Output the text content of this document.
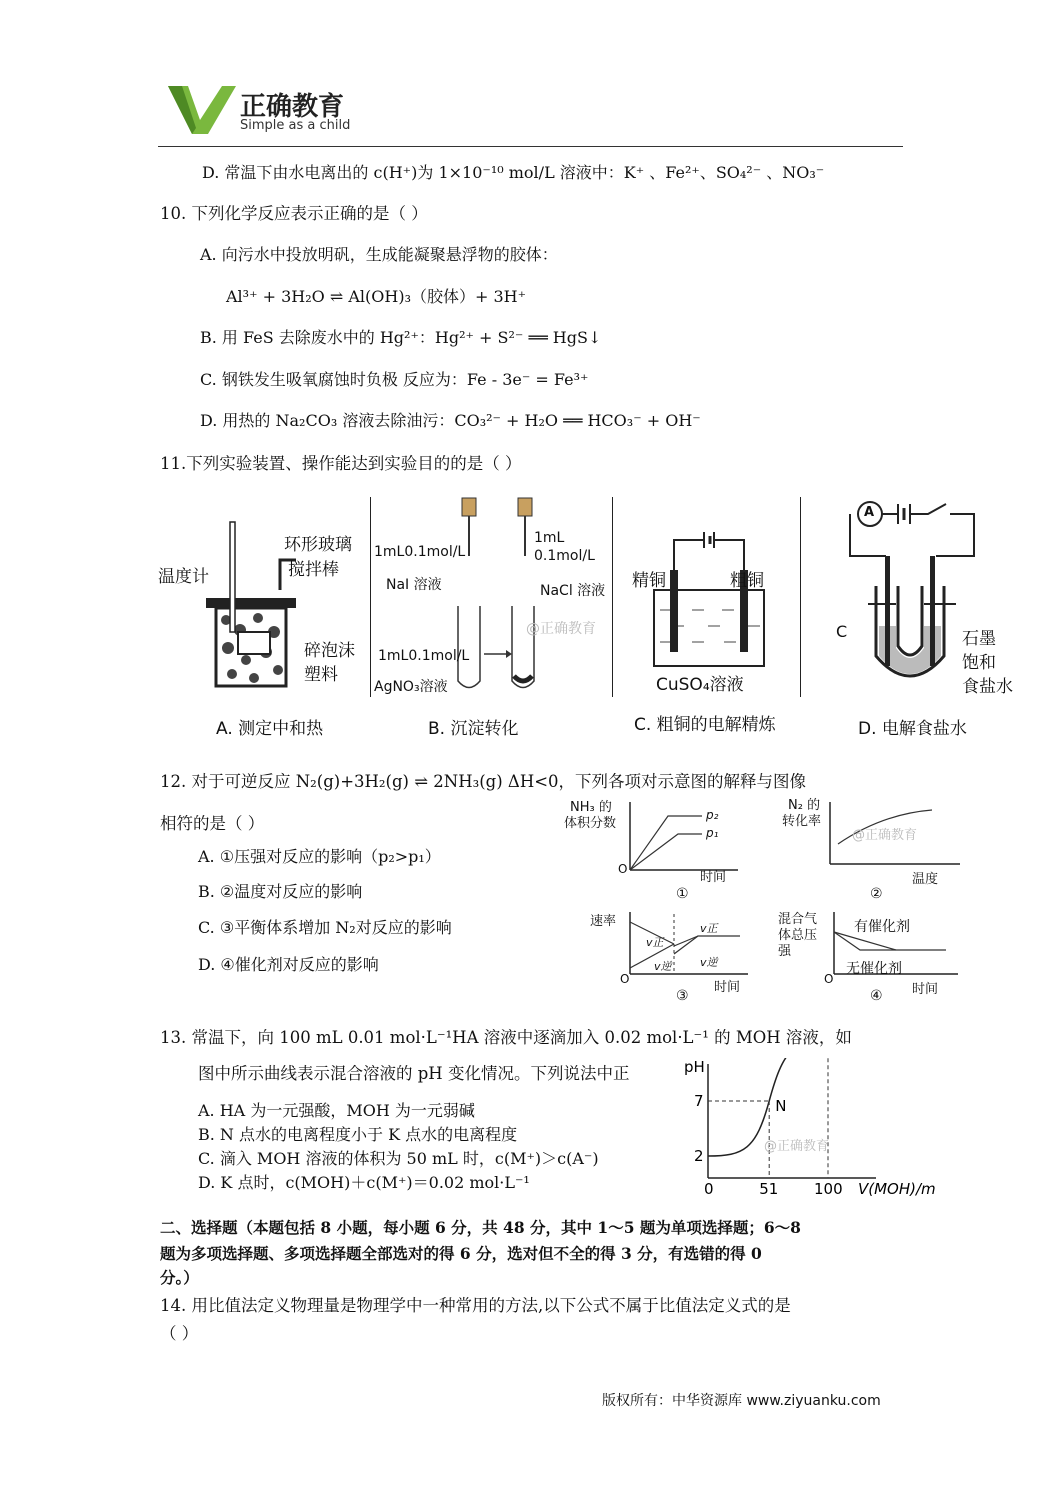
正确教育
Simple as a child
D. 常温下由水电离出的 c(H⁺)为 1×10⁻¹⁰ mol/L 溶液中：K⁺ 、Fe²⁺、SO₄²⁻ 、NO₃⁻
10. 下列化学反应表示正确的是（ ）
A. 向污水中投放明矾，生成能凝聚悬浮物的胶体：
Al³⁺ + 3H₂O ⇌ Al(OH)₃（胶体）+ 3H⁺
B. 用 FeS 去除废水中的 Hg²⁺：Hg²⁺ + S²⁻ ══ HgS↓
C. 钢铁发生吸氧腐蚀时负极 反应为：Fe - 3e⁻ = Fe³⁺
D. 用热的 Na₂CO₃ 溶液去除油污：CO₃²⁻ + H₂O ══ HCO₃⁻ + OH⁻
11.下列实验装置、操作能达到实验目的的是（ ）
环形玻璃
搅拌棒
温度计
碎泡沫
塑料
A. 测定中和热
1mL0.1mol/L
NaI 溶液
1mL
0.1mol/L
NaCl 溶液
1mL0.1mol/L
AgNO₃溶液
@正确教育
B. 沉淀转化
精铜	粗铜
CuSO₄溶液
C. 粗铜的电解精炼
A
C	石墨
饱和
食盐水
D. 电解食盐水
12. 对于可逆反应 N₂(g)+3H₂(g) ⇌ 2NH₃(g) ΔH<0，下列各项对示意图的解释与图像
相符的是（ ）
A. ①压强对反应的影响（p₂>p₁）
B. ②温度对反应的影响
C. ③平衡体系增加 N₂对反应的影响
D. ④催化剂对反应的影响
NH₃ 的
体积分数
p₂
p₁
O
时间
①
N₂ 的
转化率
@正确教育
温度
②
速率
v正
v逆
v正
v逆
O
时间
③
混合气
体总压
强
有催化剂
无催化剂
O
时间
④
13. 常温下，向 100 mL 0.01 mol·L⁻¹HA 溶液中逐滴加入 0.02 mol·L⁻¹ 的 MOH 溶液，如
图中所示曲线表示混合溶液的 pH 变化情况。下列说法中正
A. HA 为一元强酸，MOH 为一元弱碱
B. N 点水的电离程度小于 K 点水的电离程度
C. 滴入 MOH 溶液的体积为 50 mL 时，c(M⁺)＞c(A⁻)
D. K 点时，c(MOH)＋c(M⁺)＝0.02 mol·L⁻¹
pH
7
2
0	51 100 V(MOH)/mL
N
@正确教育
二、选择题（本题包括 8 小题，每小题 6 分，共 48 分，其中 1～5 题为单项选择题；6～8
题为多项选择题、多项选择题全部选对的得 6 分，选对但不全的得 3 分，有选错的得 0
分。）
14. 用比值法定义物理量是物理学中一种常用的方法,以下公式不属于比值法定义式的是
（ ）
版权所有：中华资源库 www.ziyuanku.com
